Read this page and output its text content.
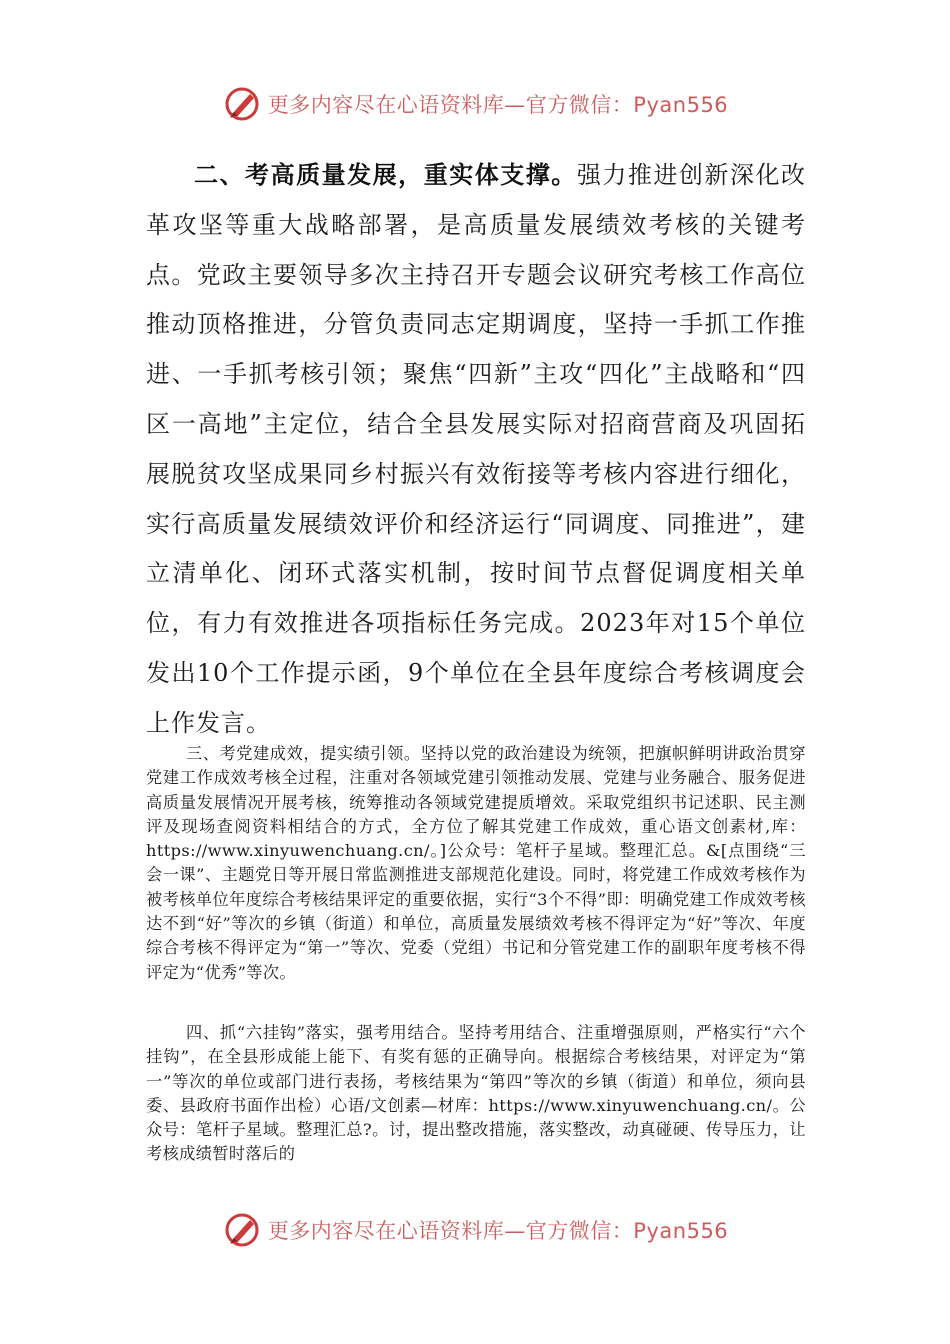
更多内容尽在心语资料库—官方微信：Pyan556
二、考高质量发展，重实体支撑。强力推进创新深化改革攻坚等重大战略部署，是高质量发展绩效考核的关键考点。党政主要领导多次主持召开专题会议研究考核工作高位推动顶格推进，分管负责同志定期调度，坚持一手抓工作推进、一手抓考核引领；聚焦“四新”主攻“四化”主战略和“四区一高地”主定位，结合全县发展实际对招商营商及巩固拓展脱贫攻坚成果同乡村振兴有效衔接等考核内容进行细化，实行高质量发展绩效评价和经济运行“同调度、同推进”，建立清单化、闭环式落实机制，按时间节点督促调度相关单位，有力有效推进各项指标任务完成。2023年对15个单位发出10个工作提示函，9个单位在全县年度综合考核调度会上作发言。
三、考党建成效，提实绩引领。坚持以党的政治建设为统领，把旗帜鲜明讲政治贯穿党建工作成效考核全过程，注重对各领域党建引领推动发展、党建与业务融合、服务促进高质量发展情况开展考核，统筹推动各领域党建提质增效。采取党组织书记述职、民主测评及现场查阅资料相结合的方式，全方位了解其党建工作成效，重心语文创素材,库：https://www.xinyuwenchuang.cn/。]公众号：笔杆子星域。整理汇总。&[点围绕“三会一课”、主题党日等开展日常监测推进支部规范化建设。同时，将党建工作成效考核作为被考核单位年度综合考核结果评定的重要依据，实行“3个不得”即：明确党建工作成效考核达不到“好”等次的乡镇（街道）和单位，高质量发展绩效考核不得评定为“好”等次、年度综合考核不得评定为“第一”等次、党委（党组）书记和分管党建工作的副职年度考核不得评定为“优秀”等次。
四、抓“六挂钩”落实，强考用结合。坚持考用结合、注重增强原则，严格实行“六个挂钩”，在全县形成能上能下、有奖有惩的正确导向。根据综合考核结果，对评定为“第一”等次的单位或部门进行表扬，考核结果为“第四”等次的乡镇（街道）和单位，须向县委、县政府书面作出检）心语/文创素—材库：https://www.xinyuwenchuang.cn/。公众号：笔杆子星域。整理汇总?。讨，提出整改措施，落实整改，动真碰硬、传导压力，让考核成绩暂时落后的
更多内容尽在心语资料库—官方微信：Pyan556
